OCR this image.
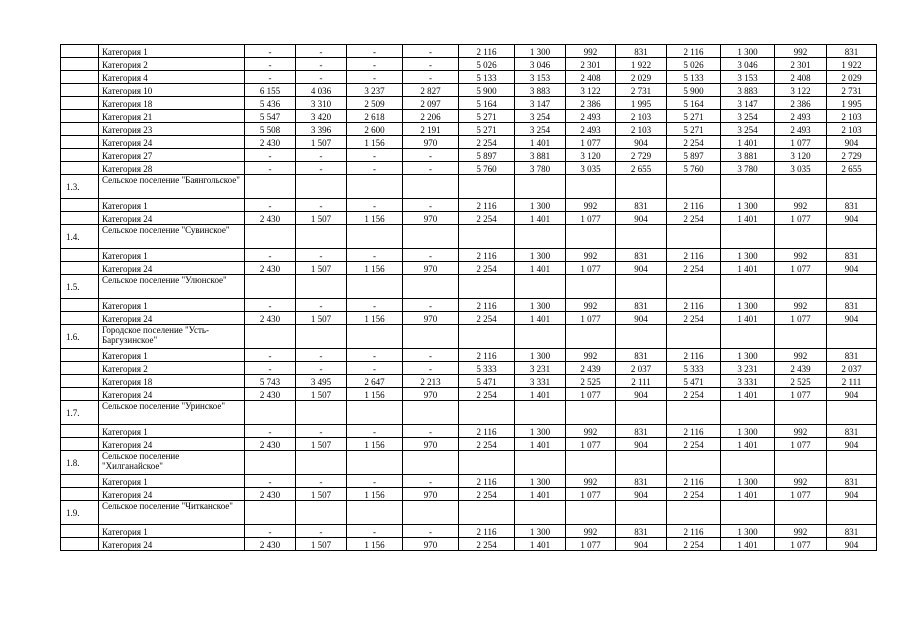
	Категория 1	-	-	-	-	2 116	1 300	992	831	2 116	1 300	992	831
	Категория 2	-	-	-	-	5 026	3 046	2 301	1 922	5 026	3 046	2 301	1 922
	Категория 4	-	-	-	-	5 133	3 153	2 408	2 029	5 133	3 153	2 408	2 029
	Категория 10	6 155	4 036	3 237	2 827	5 900	3 883	3 122	2 731	5 900	3 883	3 122	2 731
	Категория 18	5 436	3 310	2 509	2 097	5 164	3 147	2 386	1 995	5 164	3 147	2 386	1 995
	Категория 21	5 547	3 420	2 618	2 206	5 271	3 254	2 493	2 103	5 271	3 254	2 493	2 103
	Категория 23	5 508	3 396	2 600	2 191	5 271	3 254	2 493	2 103	5 271	3 254	2 493	2 103
	Категория 24	2 430	1 507	1 156	970	2 254	1 401	1 077	904	2 254	1 401	1 077	904
	Категория 27	-	-	-	-	5 897	3 881	3 120	2 729	5 897	3 881	3 120	2 729
	Категория 28	-	-	-	-	5 760	3 780	3 035	2 655	5 760	3 780	3 035	2 655
1.3.	Сельское поселение "Баянгольское"												
	Категория 1	-	-	-	-	2 116	1 300	992	831	2 116	1 300	992	831
	Категория 24	2 430	1 507	1 156	970	2 254	1 401	1 077	904	2 254	1 401	1 077	904
1.4.	Сельское поселение "Сувинское"												
	Категория 1	-	-	-	-	2 116	1 300	992	831	2 116	1 300	992	831
	Категория 24	2 430	1 507	1 156	970	2 254	1 401	1 077	904	2 254	1 401	1 077	904
1.5.	Сельское поселение "Улюнское"												
	Категория 1	-	-	-	-	2 116	1 300	992	831	2 116	1 300	992	831
	Категория 24	2 430	1 507	1 156	970	2 254	1 401	1 077	904	2 254	1 401	1 077	904
1.6.	Городское поселение "Усть-Баргузинское"												
	Категория 1	-	-	-	-	2 116	1 300	992	831	2 116	1 300	992	831
	Категория 2	-	-	-	-	5 333	3 231	2 439	2 037	5 333	3 231	2 439	2 037
	Категория 18	5 743	3 495	2 647	2 213	5 471	3 331	2 525	2 111	5 471	3 331	2 525	2 111
	Категория 24	2 430	1 507	1 156	970	2 254	1 401	1 077	904	2 254	1 401	1 077	904
1.7.	Сельское поселение "Уринское"												
	Категория 1	-	-	-	-	2 116	1 300	992	831	2 116	1 300	992	831
	Категория 24	2 430	1 507	1 156	970	2 254	1 401	1 077	904	2 254	1 401	1 077	904
1.8.	Сельское поселение "Хилганайское"												
	Категория 1	-	-	-	-	2 116	1 300	992	831	2 116	1 300	992	831
	Категория 24	2 430	1 507	1 156	970	2 254	1 401	1 077	904	2 254	1 401	1 077	904
1.9.	Сельское поселение "Читканское"												
	Категория 1	-	-	-	-	2 116	1 300	992	831	2 116	1 300	992	831
	Категория 24	2 430	1 507	1 156	970	2 254	1 401	1 077	904	2 254	1 401	1 077	904
